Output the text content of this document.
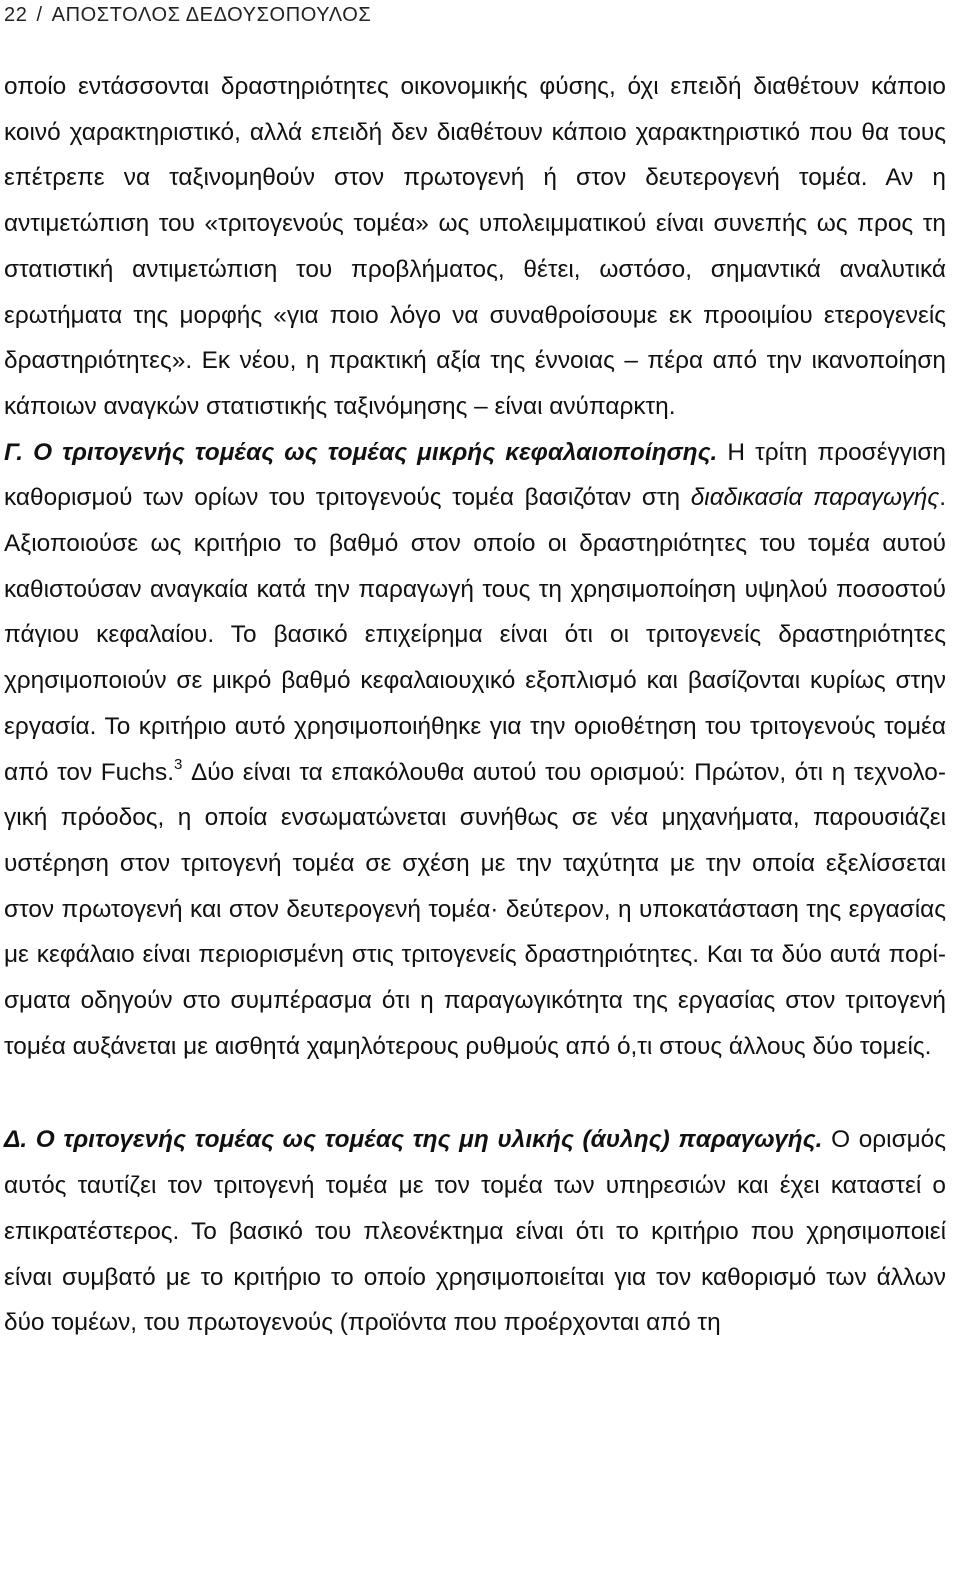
22 / ΑΠΟΣΤΟΛΟΣ ΔΕΔΟΥΣΟΠΟΥΛΟΣ

οποίο εντάσσονται δραστηριότητες οικονομικής φύσης, όχι επειδή διαθέτουν κάποιο κοινό χαρακτηριστικό, αλλά επειδή δεν διαθέτουν κάποιο χαρακτηριστικό που θα τους επέτρεπε να ταξινομηθούν στον πρωτογενή ή στον δευτερογενή τομέα. Αν η αντιμετώπιση του «τριτογενούς τομέα» ως υπολειμματικού είναι συνεπής ως προς τη στατιστική αντιμετώπιση του προβλήματος, θέτει, ωστόσο, σημαντικά αναλυτικά ερωτήματα της μορφής «για ποιο λόγο να συναθροίσουμε εκ προοιμίου ετερογενείς δραστηριότητες». Εκ νέου, η πρακτική αξία της έννοιας – πέρα από την ικανοποίηση κάποιων αναγκών στατιστικής ταξινόμησης – είναι ανύπαρκτη.

Γ. Ο τριτογενής τομέας ως τομέας μικρής κεφαλαιοποίησης. Η τρίτη προσέγγιση καθορισμού των ορίων του τριτογενούς τομέα βασιζόταν στη διαδικασία παραγωγής. Αξιοποιούσε ως κριτήριο το βαθμό στον οποίο οι δραστηριότητες του τομέα αυτού καθιστούσαν αναγκαία κατά την παραγωγή τους τη χρησιμοποίηση υψηλού ποσοστού πάγιου κεφαλαίου. Το βασικό επιχείρημα είναι ότι οι τριτογενείς δραστηριότητες χρησιμοποιούν σε μικρό βαθμό κεφαλαιουχικό εξοπλισμό και βασίζονται κυρίως στην εργασία. Το κριτήριο αυτό χρησιμοποιήθηκε για την οριοθέτηση του τριτογενούς τομέα από τον Fuchs.$^3$ Δύο είναι τα επακόλουθα αυτού του ορισμού: Πρώτον, ότι η τεχνολογική πρόοδος, η οποία ενσωματώνεται συνήθως σε νέα μηχανήματα, παρουσιάζει υστέρηση στον τριτογενή τομέα σε σχέση με την ταχύτητα με την οποία εξελίσσεται στον πρωτογενή και στον δευτερογενή τομέα· δεύτερον, η υποκατάσταση της εργασίας με κεφάλαιο είναι περιορισμένη στις τριτογενείς δραστηριότητες. Και τα δύο αυτά πορίσματα οδηγούν στο συμπέρασμα ότι η παραγωγικότητα της εργασίας στον τριτογενή τομέα αυξάνεται με αισθητά χαμηλότερους ρυθμούς από ό,τι στους άλλους δύο τομείς.

Δ. Ο τριτογενής τομέας ως τομέας της μη υλικής (άυλης) παραγωγής. Ο ορισμός αυτός ταυτίζει τον τριτογενή τομέα με τον τομέα των υπηρεσιών και έχει καταστεί ο επικρατέστερος. Το βασικό του πλεονέκτημα είναι ότι το κριτήριο που χρησιμοποιεί είναι συμβατό με το κριτήριο το οποίο χρησιμοποιείται για τον καθορισμό των άλλων δύο τομέων, του πρωτογενούς (προϊόντα που προέρχονται από τη
